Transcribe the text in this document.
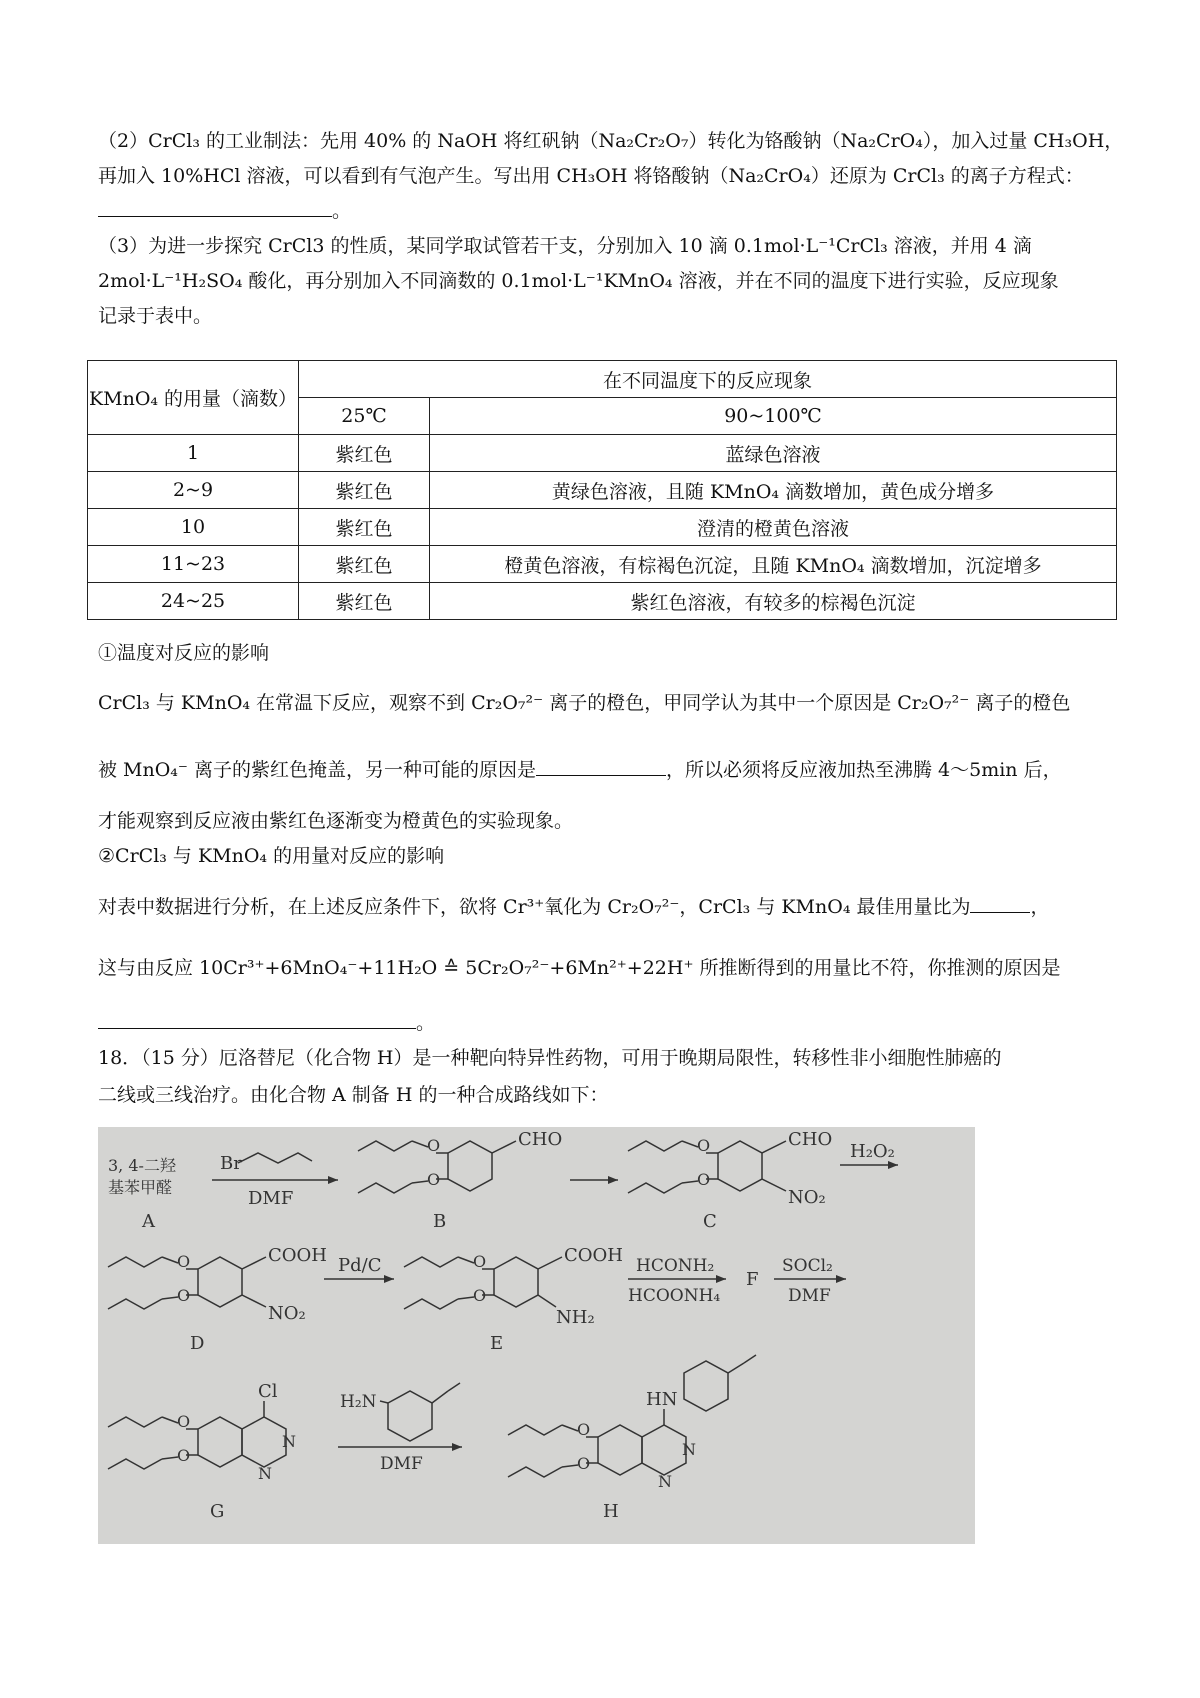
（2）CrCl₃ 的工业制法：先用 40% 的 NaOH 将红矾钠（Na₂Cr₂O₇）转化为铬酸钠（Na₂CrO₄），加入过量 CH₃OH，
再加入 10%HCl 溶液，可以看到有气泡产生。写出用 CH₃OH 将铬酸钠（Na₂CrO₄）还原为 CrCl₃ 的离子方程式：
。
（3）为进一步探究 CrCl3 的性质，某同学取试管若干支，分别加入 10 滴 0.1mol·L⁻¹CrCl₃ 溶液，并用 4 滴
2mol·L⁻¹H₂SO₄ 酸化，再分别加入不同滴数的 0.1mol·L⁻¹KMnO₄ 溶液，并在不同的温度下进行实验，反应现象
记录于表中。
KMnO₄ 的用量（滴数）	在不同温度下的反应现象	
	25℃	90~100℃
1	紫红色	蓝绿色溶液
2~9	紫红色	黄绿色溶液，且随 KMnO₄ 滴数增加，黄色成分增多
10	紫红色	澄清的橙黄色溶液
11~23	紫红色	橙黄色溶液，有棕褐色沉淀，且随 KMnO₄ 滴数增加，沉淀增多
24~25	紫红色	紫红色溶液，有较多的棕褐色沉淀
①温度对反应的影响
CrCl₃ 与 KMnO₄ 在常温下反应，观察不到 Cr₂O₇²⁻ 离子的橙色，甲同学认为其中一个原因是 Cr₂O₇²⁻ 离子的橙色
被 MnO₄⁻ 离子的紫红色掩盖，另一种可能的原因是	，所以必须将反应液加热至沸腾 4～5min 后，
才能观察到反应液由紫红色逐渐变为橙黄色的实验现象。
②CrCl₃ 与 KMnO₄ 的用量对反应的影响
对表中数据进行分析，在上述反应条件下，欲将 Cr³⁺氧化为 Cr₂O₇²⁻，CrCl₃ 与 KMnO₄ 最佳用量比为	，
这与由反应 10Cr³⁺+6MnO₄⁻+11H₂O ≙ 5Cr₂O₇²⁻+6Mn²⁺+22H⁺ 所推断得到的用量比不符，你推测的原因是
。
18．（15 分）厄洛替尼（化合物 H）是一种靶向特异性药物，可用于晚期局限性，转移性非小细胞性肺癌的
二线或三线治疗。由化合物 A 制备 H 的一种合成路线如下：
3, 4-二羟
基苯甲醛
A
Br
DMF
O
O
CHO
B
O
O
CHO
NO₂
C
H₂O₂
O
O
COOH
NO₂
D
Pd/C	O
O
COOH
NH₂
E
HCONH₂
HCOONH₄
F
SOCl₂
DMF
O
O
Cl
N
N
G
H₂N
DMF
O
O
HN
N
N
H
